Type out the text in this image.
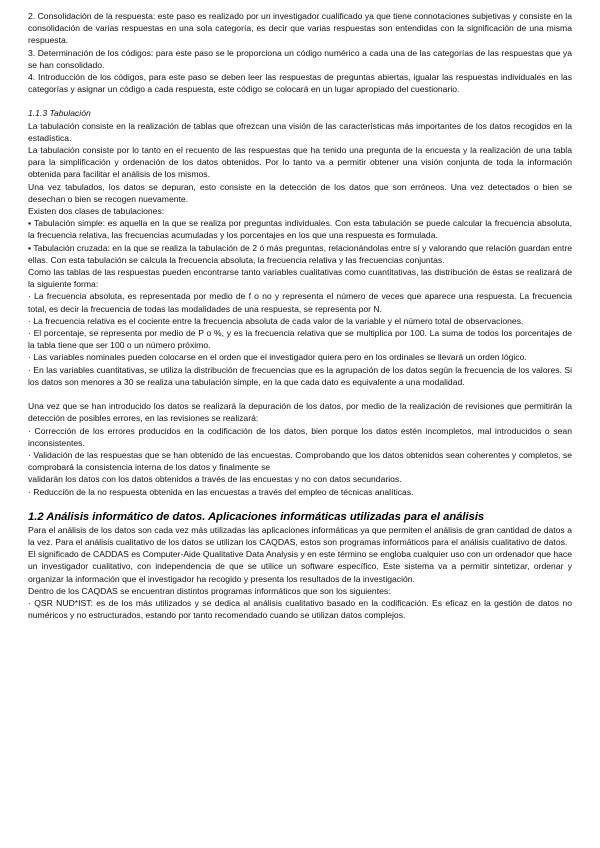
2. Consolidación de la respuesta: este paso es realizado por un investigador cualificado ya que tiene connotaciones subjetivas y consiste en la consolidación de varias respuestas en una sola categoría, es decir que varias respuestas son entendidas con la significación de una misma respuesta.

3. Determinación de los códigos: para este paso se le proporciona un código numérico a cada una de las categorías de las respuestas que ya se han consolidado.

4. Introducción de los códigos, para este paso se deben leer las respuestas de preguntas abiertas, igualar las respuestas individuales en las categorías y asignar un código a cada respuesta, este código se colocará en un lugar apropiado del cuestionario.

1.1.3 Tabulación

La tabulación consiste en la realización de tablas que ofrezcan una visión de las características más importantes de los datos recogidos en la estadística.

La tabulación consiste por lo tanto en el recuento de las respuestas que ha tenido una pregunta de la encuesta y la realización de una tabla para la simplificación y ordenación de los datos obtenidos. Por lo tanto va a permitir obtener una visión conjunta de toda la información obtenida para facilitar el análisis de los mismos.

Una vez tabulados, los datos se depuran, esto consiste en la detección de los datos que son erróneos. Una vez detectados o bien se desechan o bien se recogen nuevamente.

Existen dos clases de tabulaciones:

▪ Tabulación simple: es aquella en la que se realiza por preguntas individuales. Con esta tabulación se puede calcular la frecuencia absoluta, la frecuencia relativa, las frecuencias acumuladas y los porcentajes en los que una respuesta es formulada.

▪ Tabulación cruzada: en la que se realiza la tabulación de 2 ó más preguntas, relacionándolas entre sí y valorando que relación guardan entre ellas. Con esta tabulación se calcula la frecuencia absoluta, la frecuencia relativa y las frecuencias conjuntas.

Como las tablas de las respuestas pueden encontrarse tanto variables cualitativas como cuantitativas, las distribución de éstas se realizará de la siguiente forma:

· La frecuencia absoluta, es representada por medio de f o no y representa el número de veces que aparece una respuesta. La frecuencia total, es decir la frecuencia de todas las modalidades de una respuesta, se representa por N.

· La frecuencia relativa es el cociente entre la frecuencia absoluta de cada valor de la variable y el número total de observaciones.

· El porcentaje, se representa por medio de P o %, y es la frecuencia relativa que se multiplica por 100. La suma de todos los porcentajes de la tabla tiene que ser 100 o un número próximo.

· Las variables nominales pueden colocarse en el orden que el investigador quiera pero en los ordinales se llevará un orden lógico.

· En las variables cuantitativas, se utiliza la distribución de frecuencias que es la agrupación de los datos según la frecuencia de los valores. Si los datos son menores a 30 se realiza una tabulación simple, en la que cada dato es equivalente a una modalidad.

Una vez que se han introducido los datos se realizará la depuración de los datos, por medio de la realización de revisiones que permitirán la detección de posibles errores, en las revisiones se realizará:

· Corrección de los errores producidos en la codificación de los datos, bien porque los datos estén incompletos, mal introducidos o sean inconsistentes.

· Validación de las respuestas que se han obtenido de las encuestas. Comprobando que los datos obtenidos sean coherentes y completos, se comprobará la consistencia interna de los datos y finalmente se

validarán los datos con los datos obtenidos a través de las encuestas y no con datos secundarios.

· Reducción de la no respuesta obtenida en las encuestas a través del empleo de técnicas analíticas.

1.2 Análisis informático de datos. Aplicaciones informáticas utilizadas para el análisis

Para el análisis de los datos son cada vez más utilizadas las aplicaciones informáticas ya que permiten el análisis de gran cantidad de datos a la vez. Para el análisis cualitativo de los datos se utilizan los CAQDAS, estos son programas informáticos para el análisis cualitativo de datos.

El significado de CADDAS es Computer-Aide Qualitative Data Analysis y en este término se engloba cualquier uso con un ordenador que hace un investigador cualitativo, con independencia de que se utilice un software específico. Este sistema va a permitir sintetizar, ordenar y organizar la información que el investigador ha recogido y presenta los resultados de la investigación.

Dentro de los CAQDAS se encuentran distintos programas informáticos que son los siguientes:

· QSR NUD*IST: es de los más utilizados y se dedica al análisis cualitativo basado en la codificación. Es eficaz en la gestión de datos no numéricos y no estructurados, estando por tanto recomendado cuando se utilizan datos complejos.
